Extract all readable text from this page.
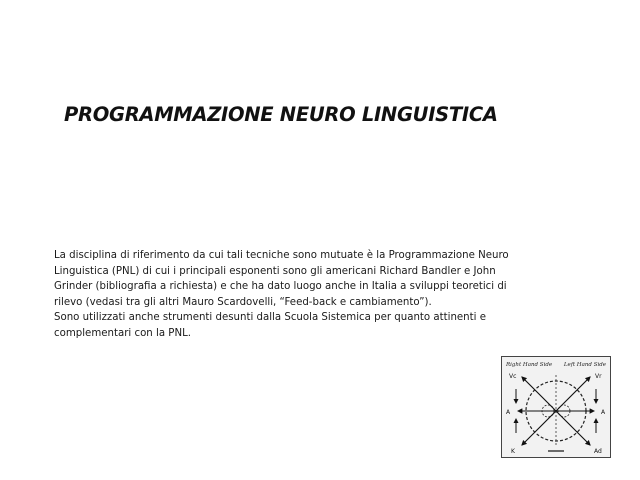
PROGRAMMAZIONE NEURO LINGUISTICA
La disciplina di riferimento da cui tali tecniche sono mutuate è la Programmazione Neuro
Linguistica (PNL) di cui i principali esponenti sono gli americani Richard Bandler e John
Grinder (bibliografia a richiesta) e che ha dato luogo anche in Italia a sviluppi teoretici di
rilevo (vedasi tra gli altri Mauro Scardovelli, “Feed-back e cambiamento”).
Sono utilizzati anche strumenti desunti dalla Scuola Sistemica per quanto attinenti e
complementari con la PNL.
Right Hand Side Left Hand Side
Vc	Vr
A	A
K	Ad
